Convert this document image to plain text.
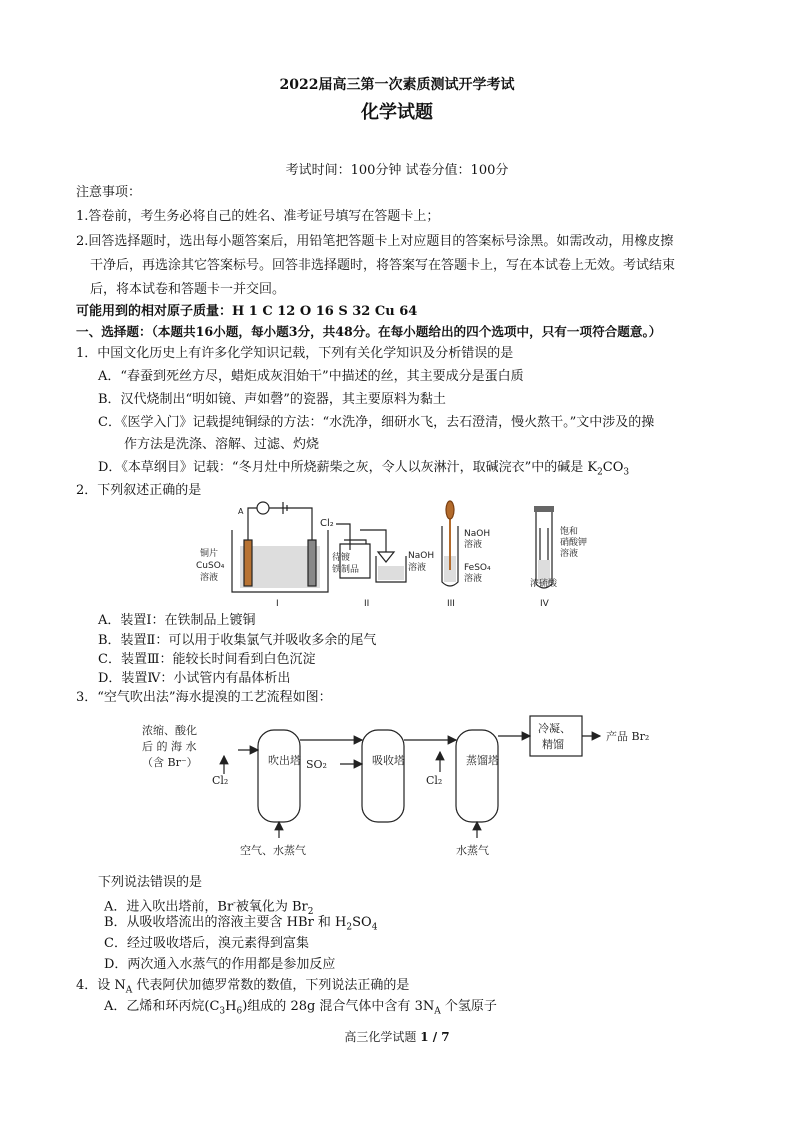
2022届高三第一次素质测试开学考试
化学试题
考试时间：100分钟 试卷分值：100分
注意事项：
1.答卷前，考生务必将自己的姓名、准考证号填写在答题卡上；
2.回答选择题时，选出每小题答案后，用铅笔把答题卡上对应题目的答案标号涂黑。如需改动，用橡皮擦
干净后，再选涂其它答案标号。回答非选择题时，将答案写在答题卡上，写在本试卷上无效。考试结束
后，将本试卷和答题卡一并交回。
可能用到的相对原子质量：H 1 C 12 O 16 S 32 Cu 64
一、选择题：（本题共16小题，每小题3分，共48分。在每小题给出的四个选项中，只有一项符合题意。）
1．中国文化历史上有许多化学知识记载，下列有关化学知识及分析错误的是
A．“春蚕到死丝方尽，蜡炬成灰泪始干”中描述的丝，其主要成分是蛋白质
B．汉代烧制出“明如镜、声如磬”的瓷器，其主要原料为黏土
C．《医学入门》记载提纯铜绿的方法：“水洗净，细研水飞，去石澄清，慢火熬干。”文中涉及的操
作方法是洗涤、溶解、过滤、灼烧
D．《本草纲目》记载：“冬月灶中所烧薪柴之灰，令人以灰淋汁，取碱浣衣”中的碱是 $K_2CO_3$
2．下列叙述正确的是
A
铜片
CuSO₄
溶液
待镀
铁制品
I
Cl₂
NaOH
溶液
II
NaOH
溶液
FeSO₄
溶液
III
饱和
硝酸钾
溶液
浓硫酸
IV
A．装置Ⅰ：在铁制品上镀铜
B．装置Ⅱ：可以用于收集氯气并吸收多余的尾气
C．装置Ⅲ：能较长时间看到白色沉淀
D．装置Ⅳ：小试管内有晶体析出
3．“空气吹出法”海水提溴的工艺流程如图：
浓缩、酸化
后 的 海 水
（含 Br⁻）
Cl₂
吹出塔 SO₂	吸收塔
Cl₂
蒸馏塔
冷凝、
精馏
产品 Br₂
空气、水蒸气	水蒸气
下列说法错误的是
A．进入吹出塔前，Br-被氧化为 $Br_2$
B．从吸收塔流出的溶液主要含 HBr 和 $H_2SO_4$
C．经过吸收塔后，溴元素得到富集
D．两次通入水蒸气的作用都是参加反应
4．设 $N_A$ 代表阿伏加德罗常数的数值，下列说法正确的是
A．乙烯和环丙烷$(C_3H_6)$组成的 28g 混合气体中含有 $3N_A$ 个氢原子
高三化学试题 1 / 7
